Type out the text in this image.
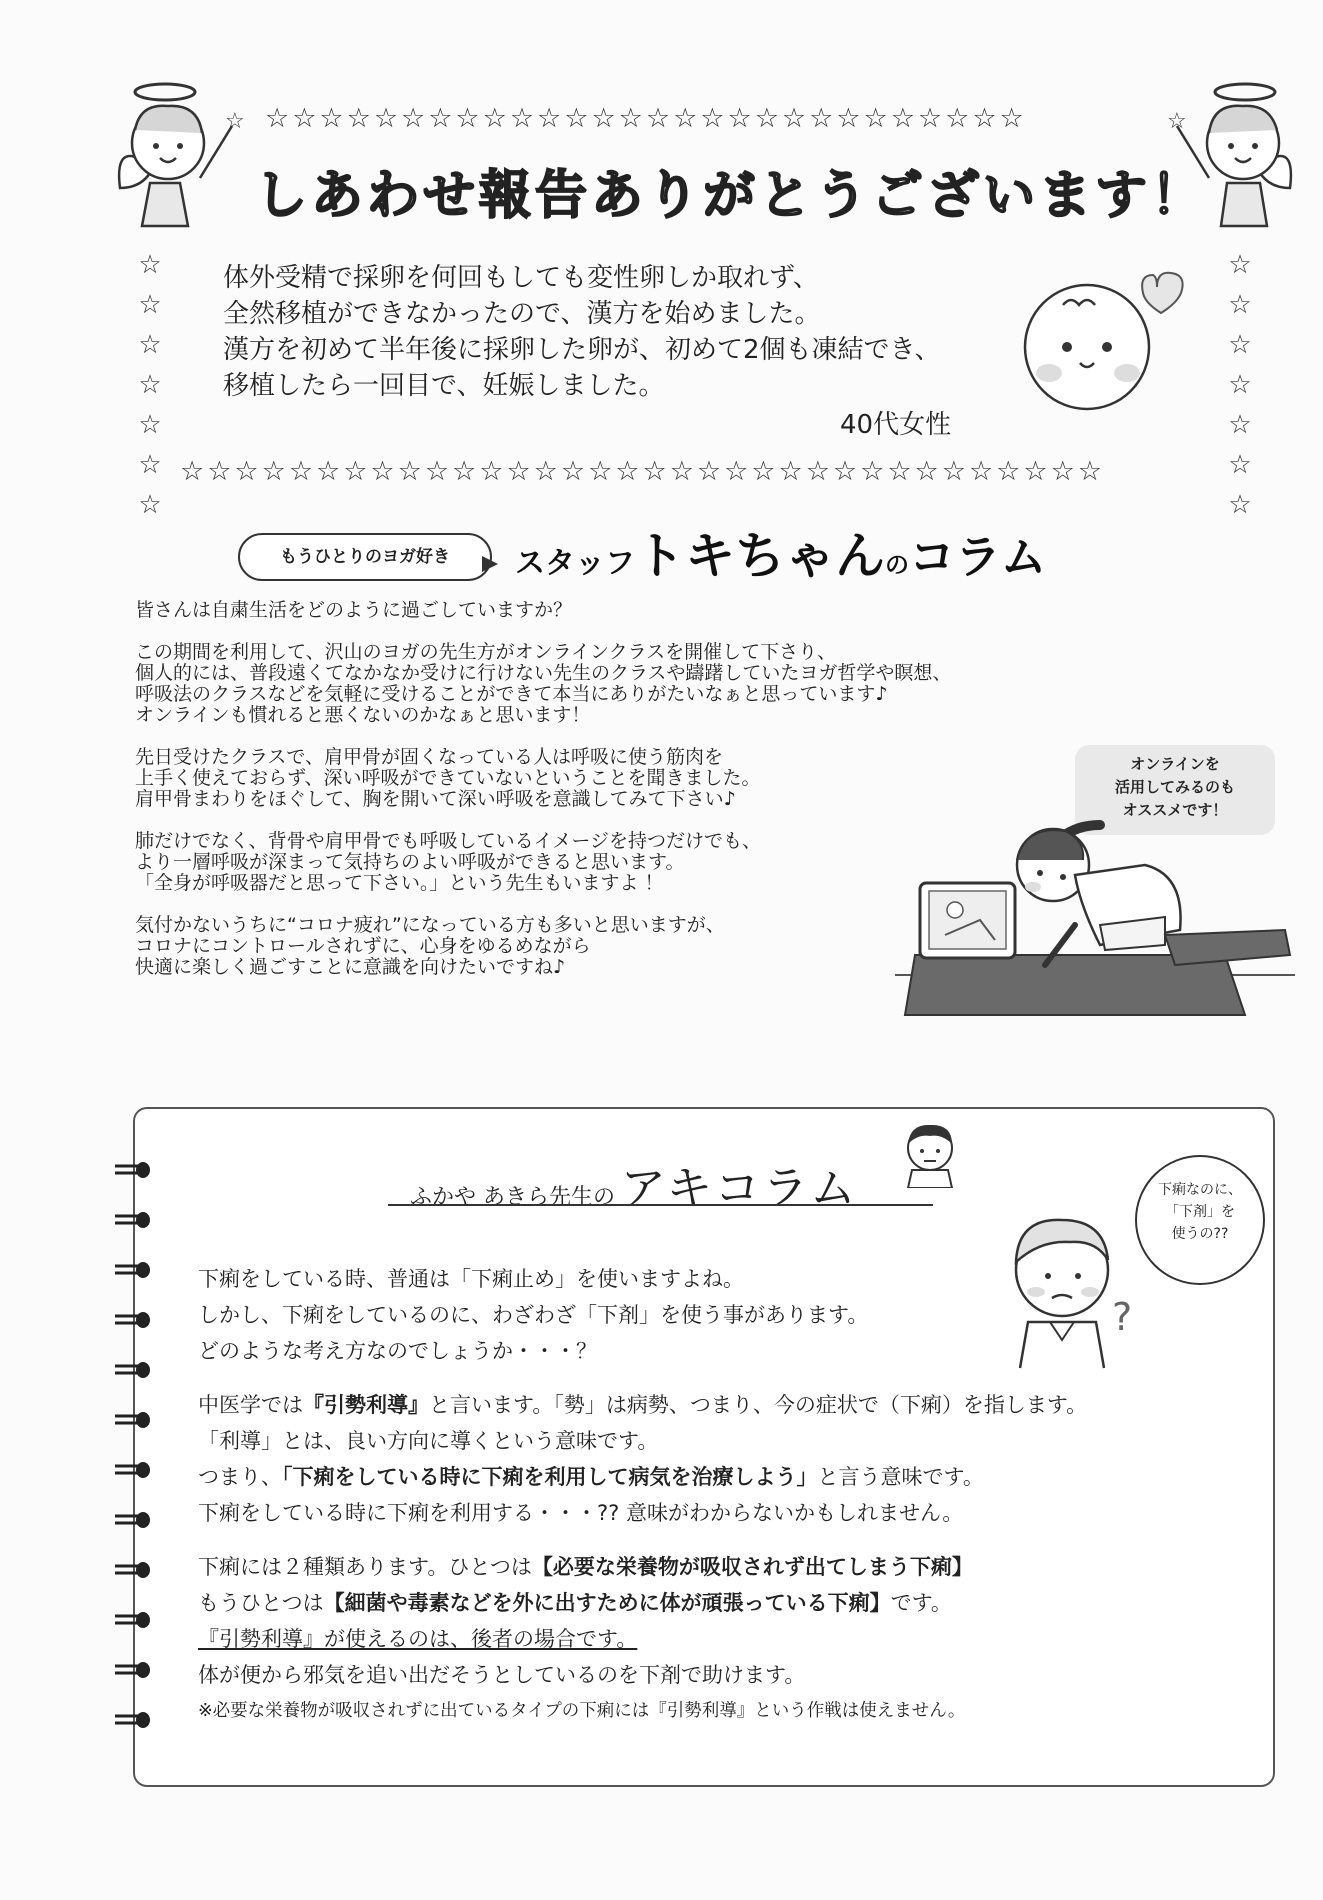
☆	☆
☆☆☆☆☆☆☆☆☆☆☆☆☆☆☆☆☆☆☆☆☆☆☆☆☆☆☆☆
☆☆☆☆☆☆☆☆☆☆☆☆☆☆☆☆☆☆☆☆☆☆☆☆☆☆☆☆☆☆☆☆☆☆
☆
☆
☆
☆
☆
☆
☆
☆
☆
☆
☆
☆
☆
☆
しあわせ報告ありがとうございます！
体外受精で採卵を何回もしても変性卵しか取れず、
全然移植ができなかったので、漢方を始めました。
漢方を初めて半年後に採卵した卵が、初めて2個も凍結でき、
移植したら一回目で、妊娠しました。
40代女性
もうひとりのヨガ好き	スタッフトキちゃんのコラム
皆さんは自粛生活をどのように過ごしていますか？
この期間を利用して、沢山のヨガの先生方がオンラインクラスを開催して下さり、
個人的には、普段遠くてなかなか受けに行けない先生のクラスや躊躇していたヨガ哲学や瞑想、
呼吸法のクラスなどを気軽に受けることができて本当にありがたいなぁと思っています♪
オンラインも慣れると悪くないのかなぁと思います！
先日受けたクラスで、肩甲骨が固くなっている人は呼吸に使う筋肉を
上手く使えておらず、深い呼吸ができていないということを聞きました。
肩甲骨まわりをほぐして、胸を開いて深い呼吸を意識してみて下さい♪
肺だけでなく、背骨や肩甲骨でも呼吸しているイメージを持つだけでも、
より一層呼吸が深まって気持ちのよい呼吸ができると思います。
「全身が呼吸器だと思って下さい。」という先生もいますよ ！
気付かないうちに“コロナ疲れ”になっている方も多いと思いますが、
コロナにコントロールされずに、心身をゆるめながら
快適に楽しく過ごすことに意識を向けたいですね♪
オンラインを
活用してみるのも
オススメです！
ふかや あきら先生の アキコラム	下痢なのに、
「下剤」を
使うの??
?
下痢をしている時、普通は「下痢止め」を使いますよね。
しかし、下痢をしているのに、わざわざ「下剤」を使う事があります。
どのような考え方なのでしょうか・・・？
中医学では『引勢利導』と言います。「勢」は病勢、つまり、今の症状で（下痢）を指します。
「利導」とは、良い方向に導くという意味です。
つまり、「下痢をしている時に下痢を利用して病気を治療しよう」と言う意味です。
下痢をしている時に下痢を利用する・・・?? 意味がわからないかもしれません。
下痢には２種類あります。ひとつは【必要な栄養物が吸収されず出てしまう下痢】
もうひとつは【細菌や毒素などを外に出すために体が頑張っている下痢】です。
『引勢利導』が使えるのは、後者の場合です。
体が便から邪気を追い出だそうとしているのを下剤で助けます。
※必要な栄養物が吸収されずに出ているタイプの下痢には『引勢利導』という作戦は使えません。
